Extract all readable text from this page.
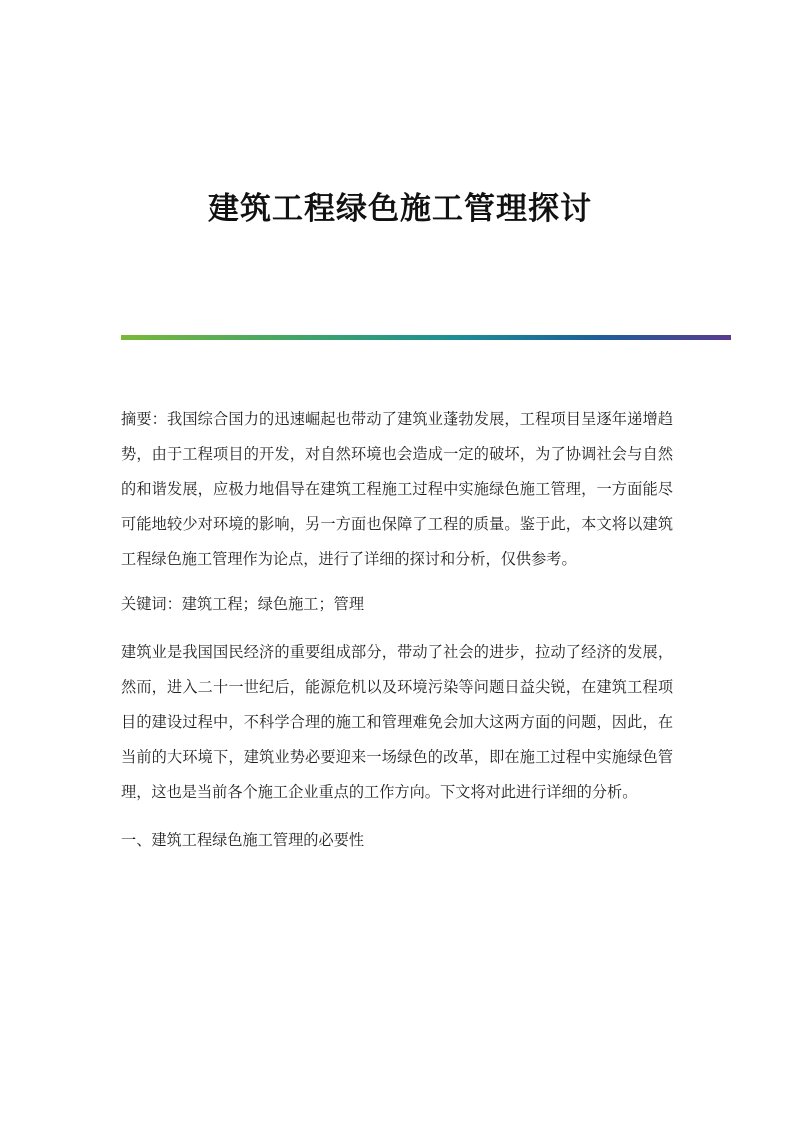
建筑工程绿色施工管理探讨

摘要：我国综合国力的迅速崛起也带动了建筑业蓬勃发展，工程项目呈逐年递增趋势，由于工程项目的开发，对自然环境也会造成一定的破坏，为了协调社会与自然的和谐发展，应极力地倡导在建筑工程施工过程中实施绿色施工管理，一方面能尽可能地较少对环境的影响，另一方面也保障了工程的质量。鉴于此，本文将以建筑工程绿色施工管理作为论点，进行了详细的探讨和分析，仅供参考。

关键词：建筑工程；绿色施工；管理

建筑业是我国国民经济的重要组成部分，带动了社会的进步，拉动了经济的发展，然而，进入二十一世纪后，能源危机以及环境污染等问题日益尖锐，在建筑工程项目的建设过程中，不科学合理的施工和管理难免会加大这两方面的问题，因此，在当前的大环境下，建筑业势必要迎来一场绿色的改革，即在施工过程中实施绿色管理，这也是当前各个施工企业重点的工作方向。下文将对此进行详细的分析。

一、建筑工程绿色施工管理的必要性
